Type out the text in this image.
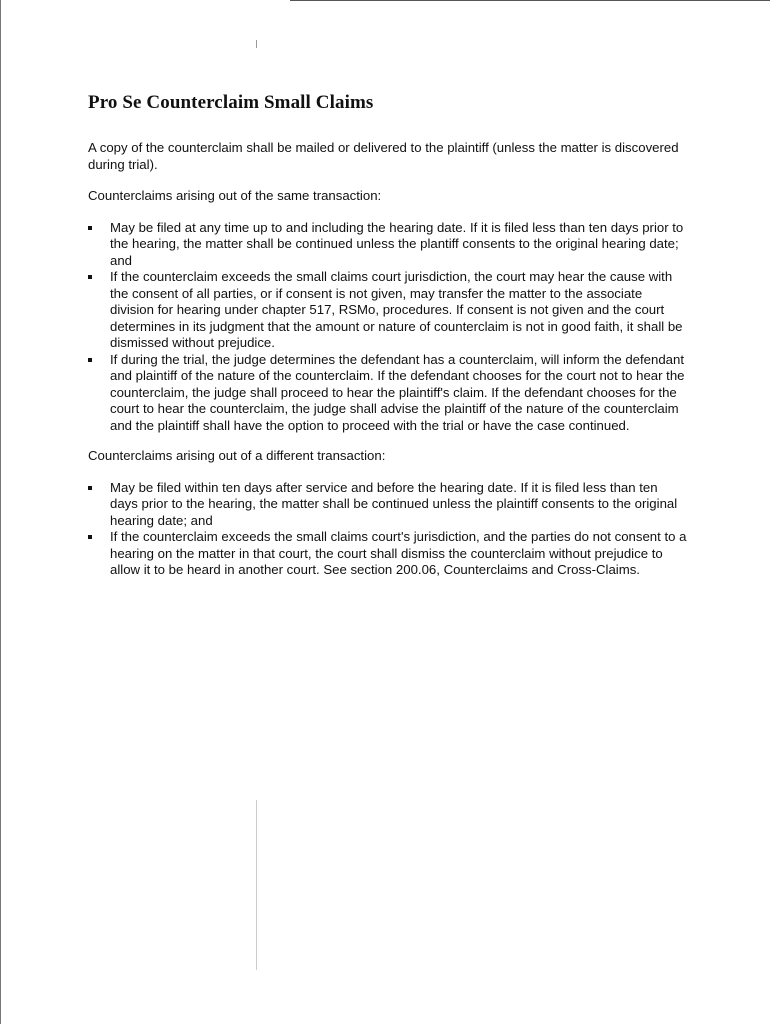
Pro Se Counterclaim Small Claims

A copy of the counterclaim shall be mailed or delivered to the plaintiff (unless the matter is discovered during trial).

Counterclaims arising out of the same transaction:

May be filed at any time up to and including the hearing date. If it is filed less than ten days prior to the hearing, the matter shall be continued unless the plantiff consents to the original hearing date; and
If the counterclaim exceeds the small claims court jurisdiction, the court may hear the cause with the consent of all parties, or if consent is not given, may transfer the matter to the associate division for hearing under chapter 517, RSMo, procedures. If consent is not given and the court determines in its judgment that the amount or nature of counterclaim is not in good faith, it shall be dismissed without prejudice.
If during the trial, the judge determines the defendant has a counterclaim, will inform the defendant and plaintiff of the nature of the counterclaim. If the defendant chooses for the court not to hear the counterclaim, the judge shall proceed to hear the plaintiff's claim. If the defendant chooses for the court to hear the counterclaim, the judge shall advise the plaintiff of the nature of the counterclaim and the plaintiff shall have the option to proceed with the trial or have the case continued.

Counterclaims arising out of a different transaction:

May be filed within ten days after service and before the hearing date. If it is filed less than ten days prior to the hearing, the matter shall be continued unless the plaintiff consents to the original hearing date; and
If the counterclaim exceeds the small claims court's jurisdiction, and the parties do not consent to a hearing on the matter in that court, the court shall dismiss the counterclaim without prejudice to allow it to be heard in another court. See section 200.06, Counterclaims and Cross-Claims.
